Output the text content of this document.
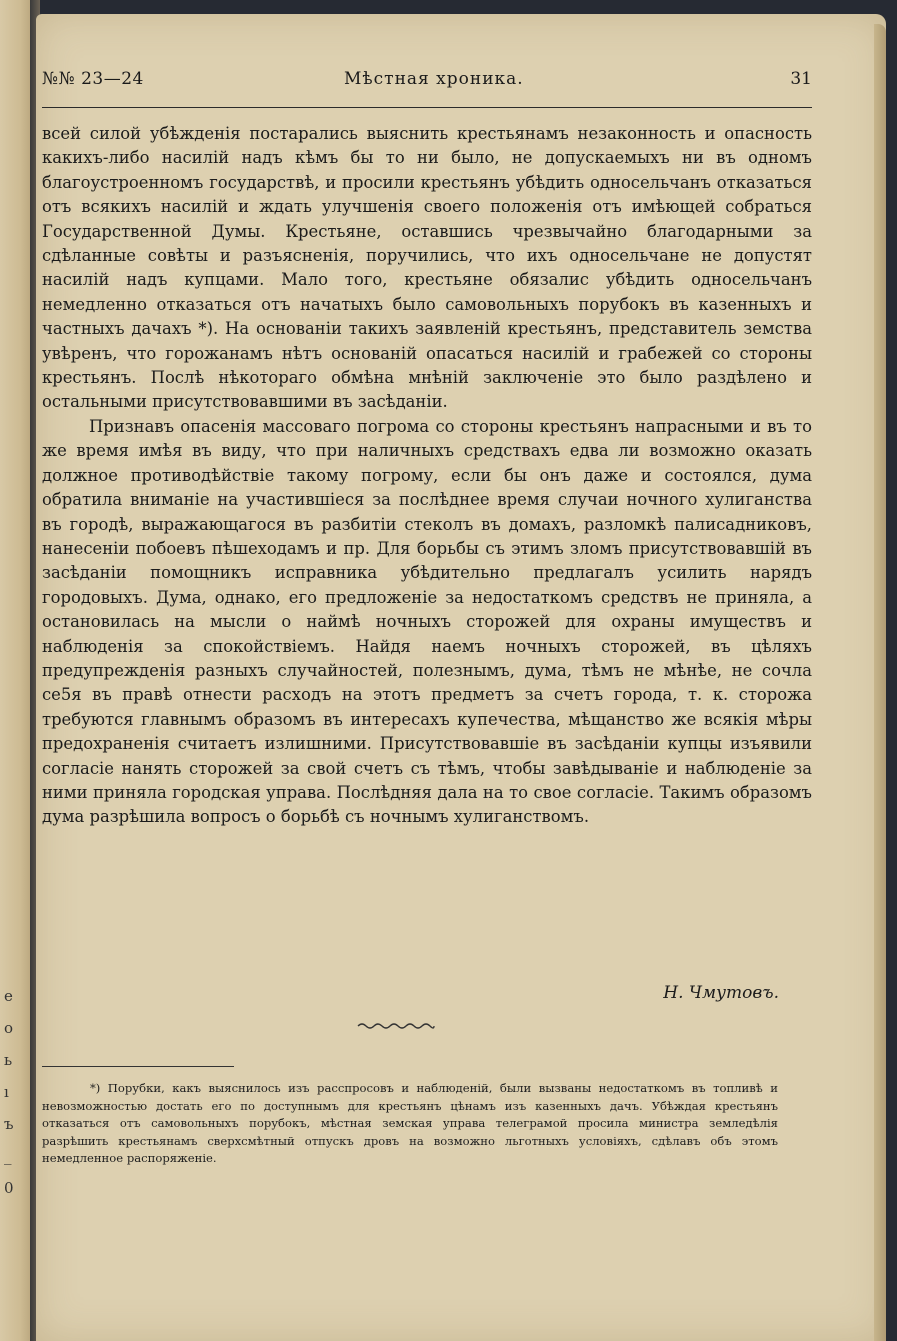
е
о
ь
ı
ъ
_
0
№№ 23—24	Мѣстная хроника.	31

всей силой убѣжденія постарались выяснить крестьянамъ незаконность и опасность какихъ-либо насилій надъ кѣмъ бы то ни было, не допускаемыхъ ни въ одномъ благоустроенномъ государствѣ, и просили крестьянъ убѣдить односельчанъ отказаться отъ всякихъ насилій и ждать улучшенія своего положенія отъ имѣющей собраться Государственной Думы. Крестьяне, оставшись чрезвычайно благодарными за сдѣланные совѣты и разъясненія, поручились, что ихъ односельчане не допустят насилій надъ купцами. Мало того, крестьяне обязалис убѣдить односельчанъ немедленно отказаться отъ начатыхъ было самовольныхъ порубокъ въ казенныхъ и частныхъ дачахъ *). На основаніи такихъ заявленій крестьянъ, представитель земства увѣренъ, что горожанамъ нѣтъ основаній опасаться насилій и грабежей со стороны крестьянъ. Послѣ нѣкотораго обмѣна мнѣній заключеніе это было раздѣлено и остальными присутствовавшими въ засѣданіи.

Признавъ опасенія массоваго погрома со стороны крестьянъ напрасными и въ то же время имѣя въ виду, что при наличныхъ средствахъ едва ли возможно оказать должное противодѣйствіе такому погрому, если бы онъ даже и состоялся, дума обратила вниманіе на участившіеся за послѣднее время случаи ночного хулиганства въ городѣ, выражающагося въ разбитіи стеколъ въ домахъ, разломкѣ палисадниковъ, нанесеніи побоевъ пѣшеходамъ и пр. Для борьбы съ этимъ зломъ присутствовавшій въ засѣданіи помощникъ исправника убѣдительно предлагалъ усилить нарядъ городовыхъ. Дума, однако, его предложеніе за недостаткомъ средствъ не приняла, а остановилась на мысли о наймѣ ночныхъ сторожей для охраны имуществъ и наблюденія за спокойствіемъ. Найдя наемъ ночныхъ сторожей, въ цѣляхъ предупрежденія разныхъ случайностей, полезнымъ, дума, тѣмъ не мѣнѣе, не сочла се5я въ правѣ отнести расходъ на этотъ предметъ за счетъ города, т. к. сторожа требуются главнымъ образомъ въ интересахъ купечества, мѣщанство же всякія мѣры предохраненія считаетъ излишними. Присутствовавшіе въ засѣданіи купцы изъявили согласіе нанять сторожей за свой счетъ съ тѣмъ, чтобы завѣдываніе и наблюденіе за ними приняла городская управа. Послѣдняя дала на то свое согласіе. Такимъ образомъ дума разрѣшила вопросъ о борьбѣ съ ночнымъ хулиганствомъ.

Н. Чмутовъ.

*) Порубки, какъ выяснилось изъ расспросовъ и наблюденій, были вызваны недостаткомъ въ топливѣ и невозможностью достать его по доступнымъ для крестьянъ цѣнамъ изъ казенныхъ дачъ. Убѣждая крестьянъ отказаться отъ самовольныхъ порубокъ, мѣстная земская управа телеграмой просила министра земледѣлія разрѣшить крестьянамъ сверхсмѣтный отпускъ дровъ на возможно льготныхъ условіяхъ, сдѣлавъ объ этомъ немедленное распоряженіе.
